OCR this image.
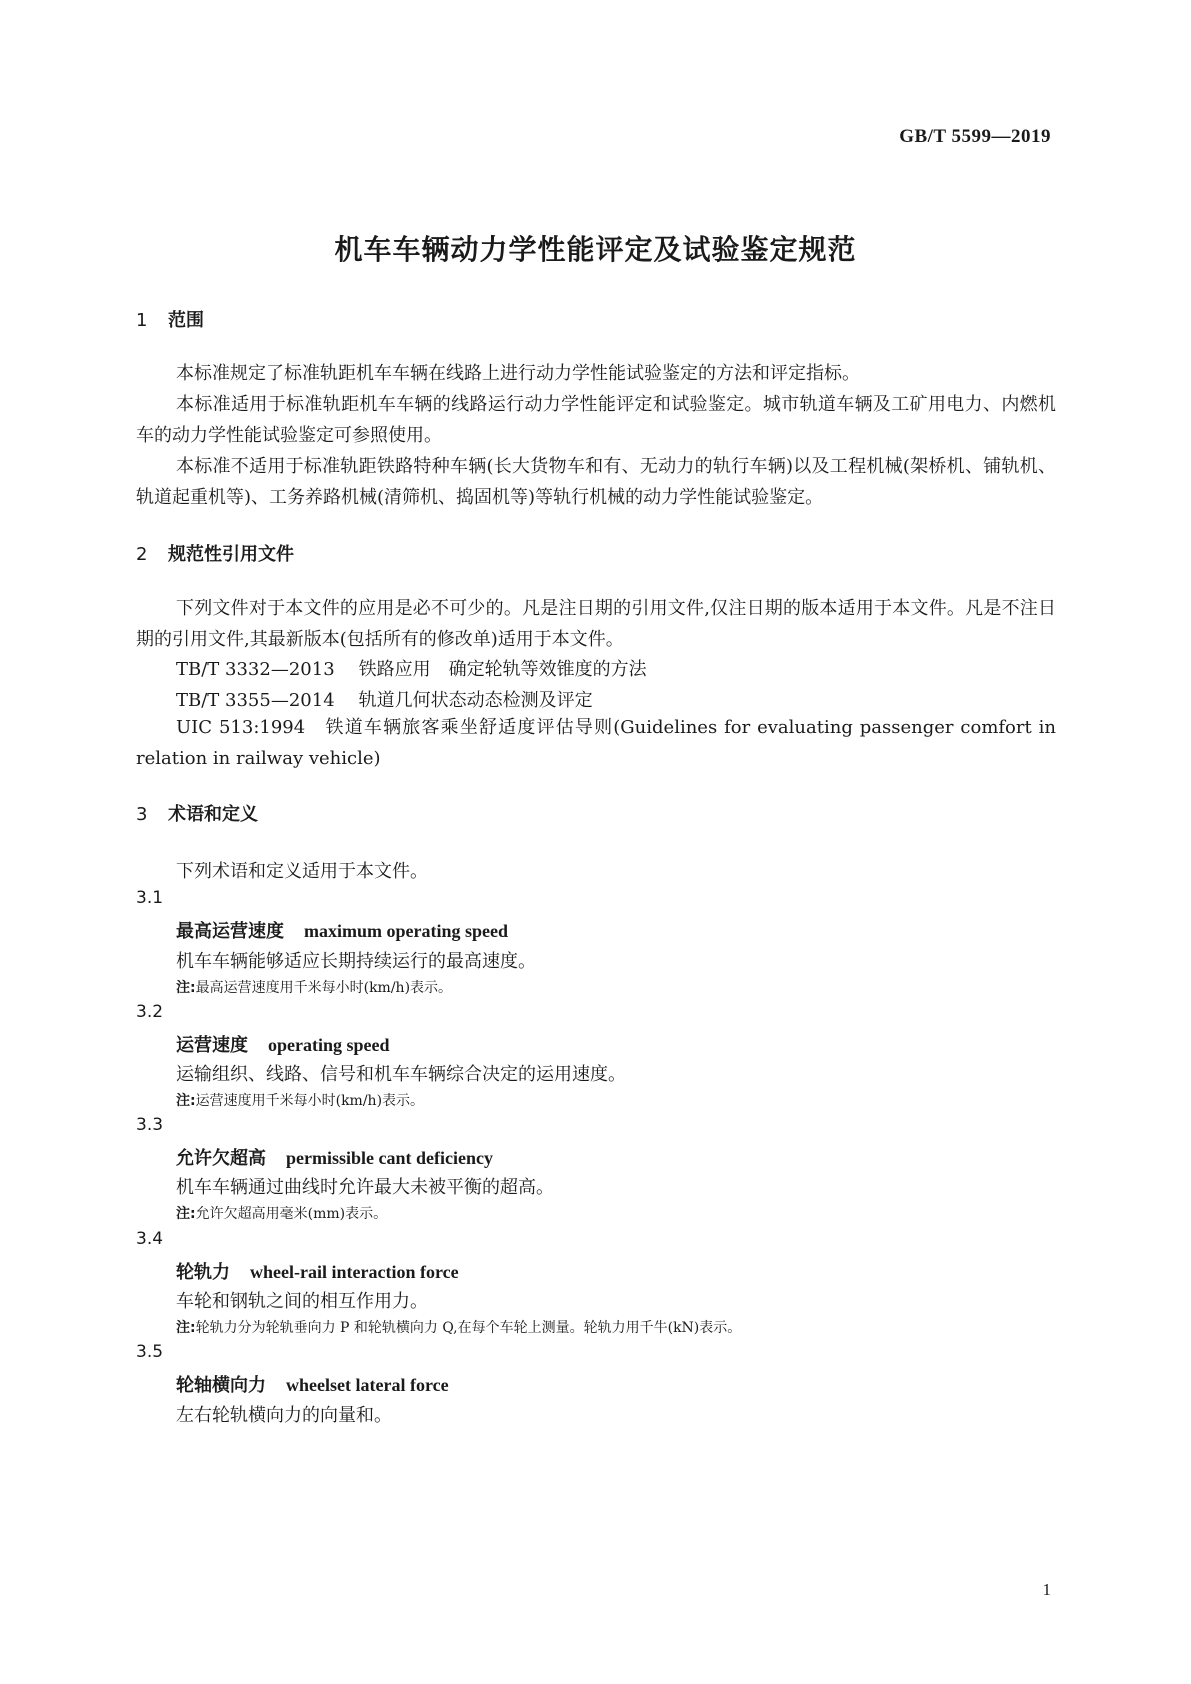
GB/T 5599—2019
机车车辆动力学性能评定及试验鉴定规范
1 范围
本标准规定了标准轨距机车车辆在线路上进行动力学性能试验鉴定的方法和评定指标。
本标准适用于标准轨距机车车辆的线路运行动力学性能评定和试验鉴定。城市轨道车辆及工矿用电力、内燃机车的动力学性能试验鉴定可参照使用。
本标准不适用于标准轨距铁路特种车辆(长大货物车和有、无动力的轨行车辆)以及工程机械(架桥机、铺轨机、轨道起重机等)、工务养路机械(清筛机、捣固机等)等轨行机械的动力学性能试验鉴定。
2 规范性引用文件
下列文件对于本文件的应用是必不可少的。凡是注日期的引用文件,仅注日期的版本适用于本文件。凡是不注日期的引用文件,其最新版本(包括所有的修改单)适用于本文件。
TB/T 3332—2013 铁路应用　确定轮轨等效锥度的方法
TB/T 3355—2014 轨道几何状态动态检测及评定
UIC 513:1994　铁道车辆旅客乘坐舒适度评估导则(Guidelines for evaluating passenger comfort in relation in railway vehicle)
3 术语和定义
下列术语和定义适用于本文件。
3.1
最高运营速度 maximum operating speed
机车车辆能够适应长期持续运行的最高速度。
注:最高运营速度用千米每小时(km/h)表示。
3.2
运营速度 operating speed
运输组织、线路、信号和机车车辆综合决定的运用速度。
注:运营速度用千米每小时(km/h)表示。
3.3
允许欠超高 permissible cant deficiency
机车车辆通过曲线时允许最大未被平衡的超高。
注:允许欠超高用毫米(mm)表示。
3.4
轮轨力 wheel-rail interaction force
车轮和钢轨之间的相互作用力。
注:轮轨力分为轮轨垂向力 P 和轮轨横向力 Q,在每个车轮上测量。轮轨力用千牛(kN)表示。
3.5
轮轴横向力 wheelset lateral force
左右轮轨横向力的向量和。
1
